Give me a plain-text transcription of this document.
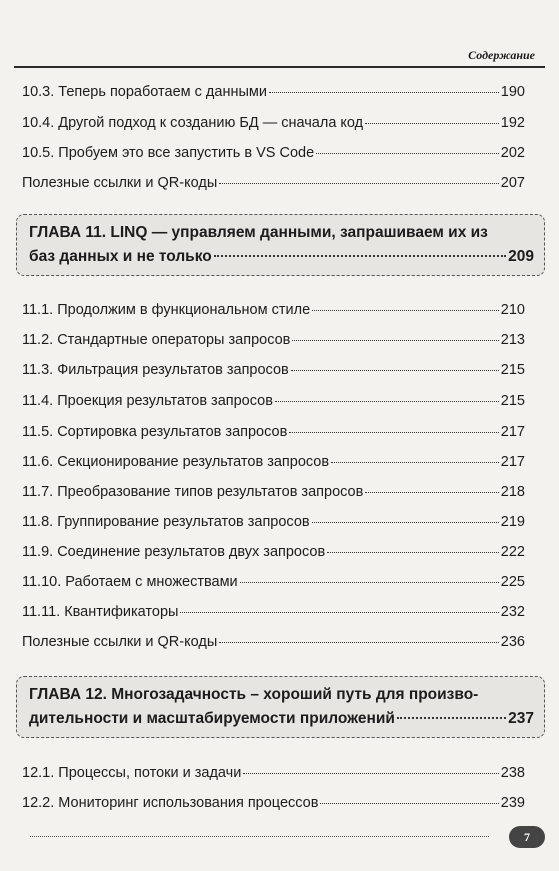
Содержание
10.3. Теперь поработаем с данными	190
10.4. Другой подход к созданию БД — сначала код	192
10.5. Пробуем это все запустить в VS Code	202
Полезные ссылки и QR-коды	207
ГЛАВА 11. LINQ — управляем данными, запрашиваем их из
баз данных и не только	209
11.1. Продолжим в функциональном стиле	210
11.2. Стандартные операторы запросов	213
11.3. Фильтрация результатов запросов	215
11.4. Проекция результатов запросов	215
11.5. Сортировка результатов запросов	217
11.6. Секционирование результатов запросов	217
11.7. Преобразование типов результатов запросов	218
11.8. Группирование результатов запросов	219
11.9. Соединение результатов двух запросов	222
11.10. Работаем с множествами	225
11.11. Квантификаторы	232
Полезные ссылки и QR-коды	236
ГЛАВА 12. Многозадачность – хороший путь для произво-
дительности и масштабируемости приложений	237
12.1. Процессы, потоки и задачи	238
12.2. Мониторинг использования процессов	239
7
